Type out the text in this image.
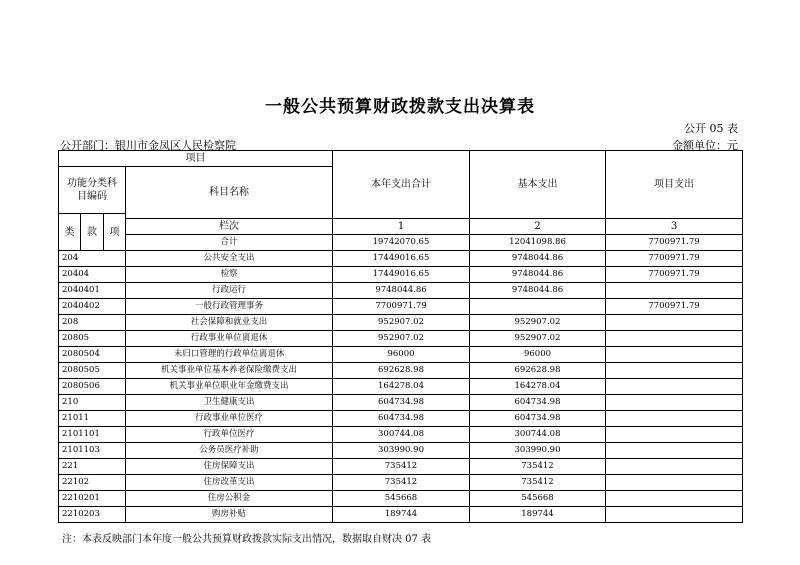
一般公共预算财政拨款支出决算表
公开 05 表
公开部门：银川市金凤区人民检察院	金额单位：元
项目				本年支出合计	基本支出	项目支出
功能分类科目编码			科目名称			
类	款	项				
			栏次	1	2	3
			合计	19742070.65	12041098.86	7700971.79
204			公共安全支出	17449016.65	9748044.86	7700971.79
20404			检察	17449016.65	9748044.86	7700971.79
2040401			行政运行	9748044.86	9748044.86	
2040402			一般行政管理事务	7700971.79		7700971.79
208			社会保障和就业支出	952907.02	952907.02	
20805			行政事业单位离退休	952907.02	952907.02	
2080504			未归口管理的行政单位离退休	96000	96000	
2080505			机关事业单位基本养老保险缴费支出	692628.98	692628.98	
2080506			机关事业单位职业年金缴费支出	164278.04	164278.04	
210			卫生健康支出	604734.98	604734.98	
21011			行政事业单位医疗	604734.98	604734.98	
2101101			行政单位医疗	300744.08	300744.08	
2101103			公务员医疗补助	303990.90	303990.90	
221			住房保障支出	735412	735412	
22102			住房改革支出	735412	735412	
2210201			住房公积金	545668	545668	
2210203			购房补贴	189744	189744	
注：本表反映部门本年度一般公共预算财政拨款实际支出情况，数据取自财决 07 表
